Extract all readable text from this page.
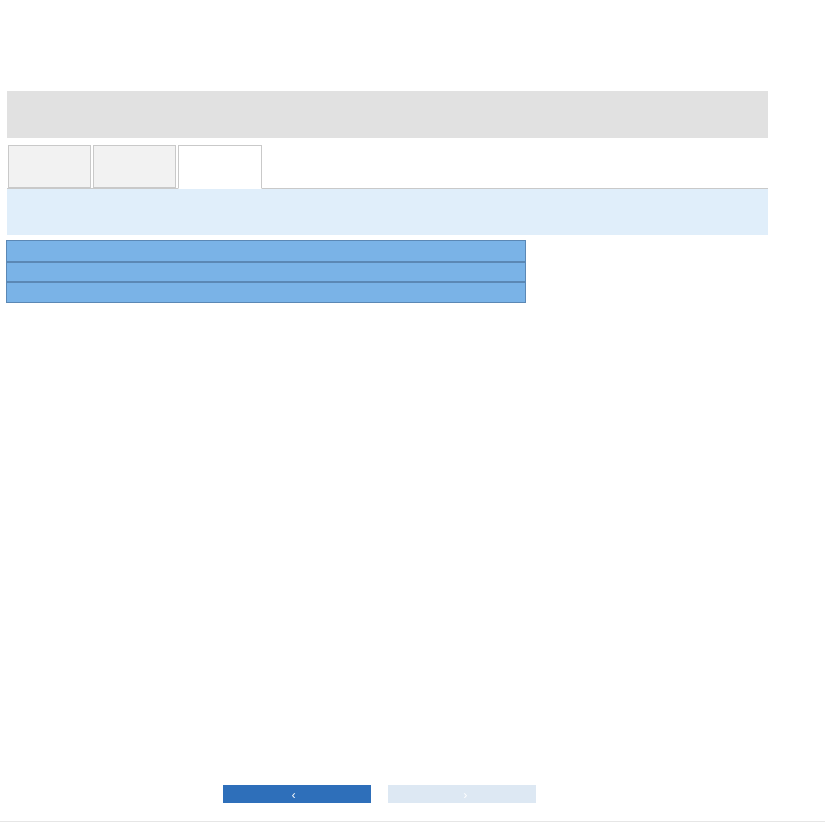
‹	›
